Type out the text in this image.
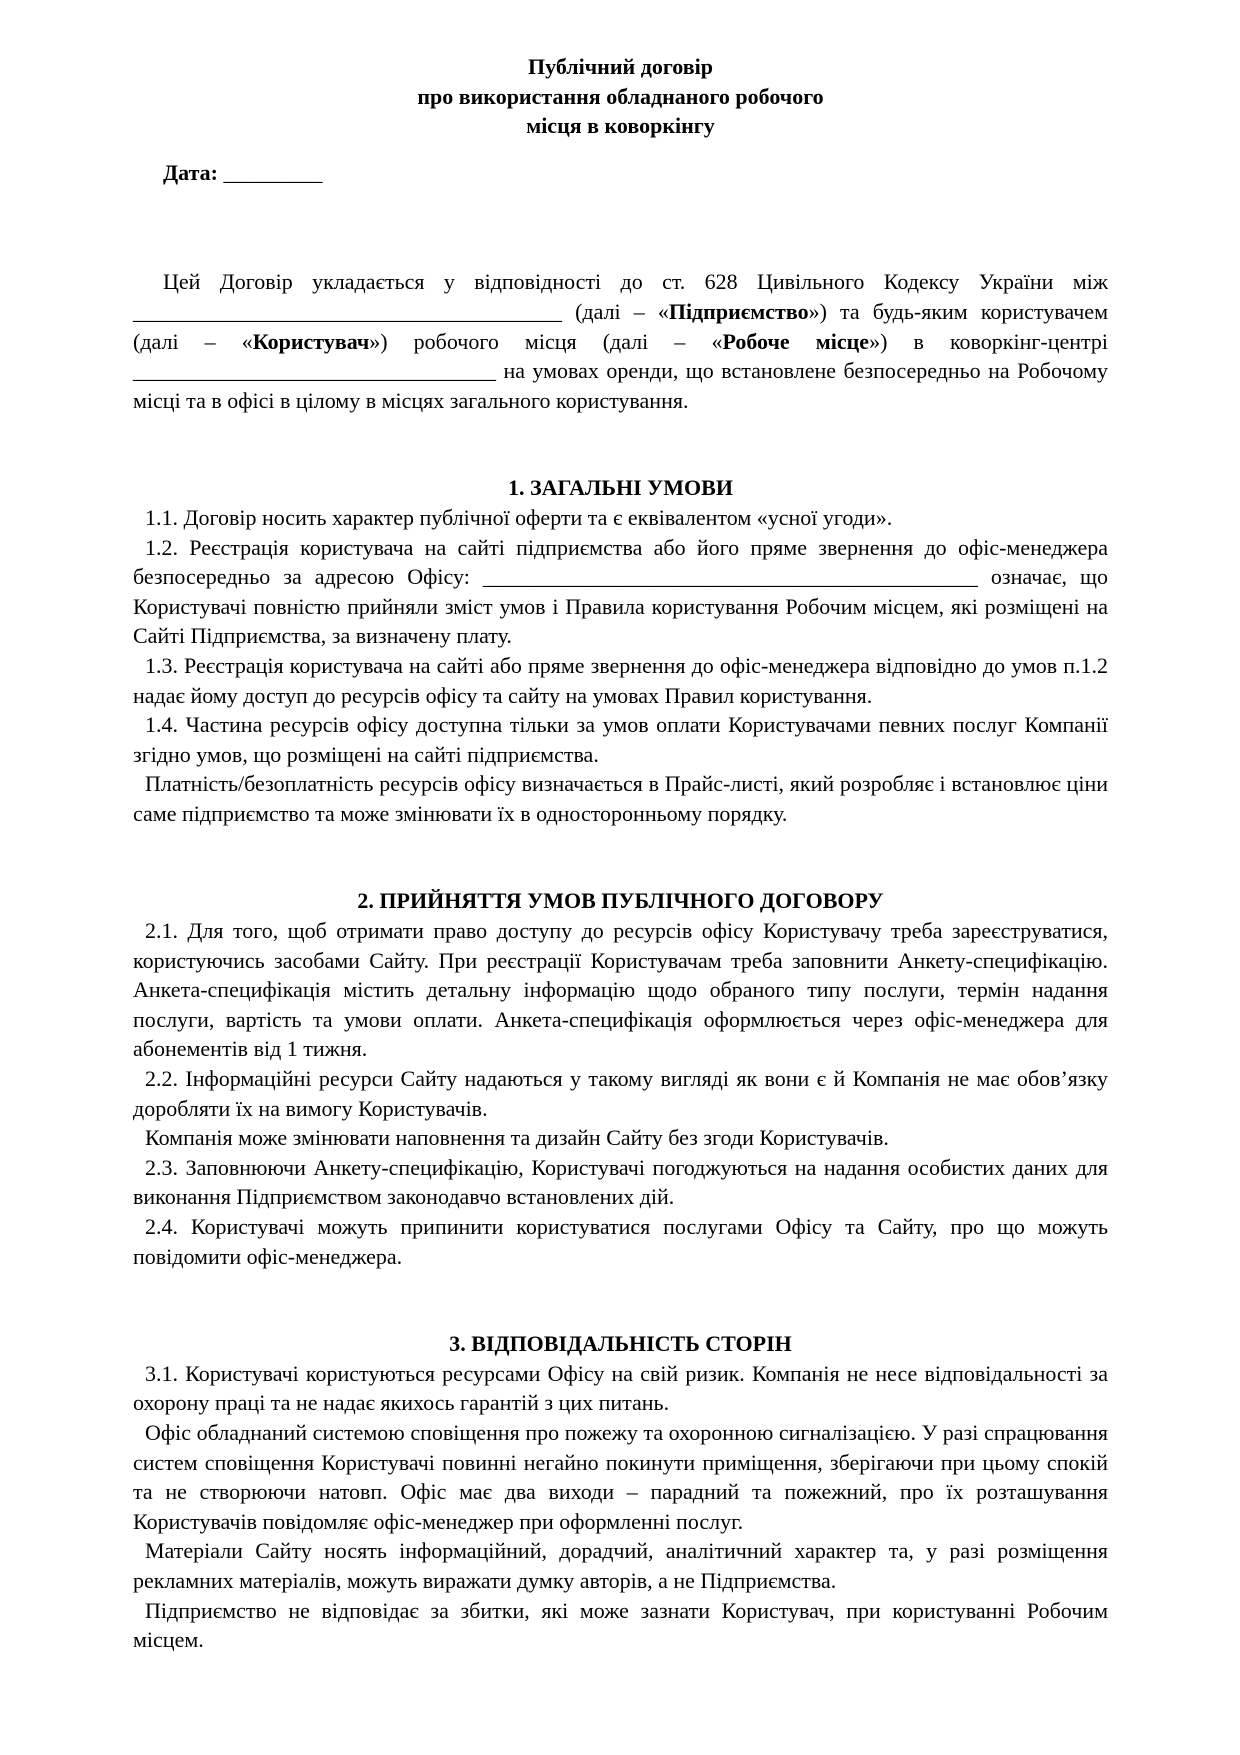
Публічний договір
про використання обладнаного робочого
місця в коворкінгу

Дата: _________

Цей Договір укладається у відповідності до ст. 628 Цивільного Кодексу України між _______________________________________ (далі – «Підприємство») та будь-яким користувачем (далі – «Користувач») робочого місця (далі – «Робоче місце») в коворкінг-центрі _________________________________ на умовах оренди, що встановлене безпосередньо на Робочому місці та в офісі в цілому в місцях загального користування.

1. ЗАГАЛЬНІ УМОВИ

1.1. Договір носить характер публічної оферти та є еквівалентом «усної угоди».

1.2. Реєстрація користувача на сайті підприємства або його пряме звернення до офіс-менеджера безпосередньо за адресою Офісу: _____________________________________________ означає, що Користувачі повністю прийняли зміст умов і Правила користування Робочим місцем, які розміщені на Сайті Підприємства, за визначену плату.

1.3. Реєстрація користувача на сайті або пряме звернення до офіс-менеджера відповідно до умов п.1.2 надає йому доступ до ресурсів офісу та сайту на умовах Правил користування.

1.4. Частина ресурсів офісу доступна тільки за умов оплати Користувачами певних послуг Компанії згідно умов, що розміщені на сайті підприємства.

Платність/безоплатність ресурсів офісу визначається в Прайс-листі, який розробляє і встановлює ціни саме підприємство та може змінювати їх в односторонньому порядку.

2. ПРИЙНЯТТЯ УМОВ ПУБЛІЧНОГО ДОГОВОРУ

2.1. Для того, щоб отримати право доступу до ресурсів офісу Користувачу треба зареєструватися, користуючись засобами Сайту. При реєстрації Користувачам треба заповнити Анкету-специфікацію. Анкета-специфікація містить детальну інформацію щодо обраного типу послуги, термін надання послуги, вартість та умови оплати. Анкета-специфікація оформлюється через офіс-менеджера для абонементів від 1 тижня.

2.2. Інформаційні ресурси Сайту надаються у такому вигляді як вони є й Компанія не має обов’язку доробляти їх на вимогу Користувачів.

Компанія може змінювати наповнення та дизайн Сайту без згоди Користувачів.

2.3. Заповнюючи Анкету-специфікацію, Користувачі погоджуються на надання особистих даних для виконання Підприємством законодавчо встановлених дій.

2.4. Користувачі можуть припинити користуватися послугами Офісу та Сайту, про що можуть повідомити офіс-менеджера.

3. ВІДПОВІДАЛЬНІСТЬ СТОРІН

3.1. Користувачі користуються ресурсами Офісу на свій ризик. Компанія не несе відповідальності за охорону праці та не надає якихось гарантій з цих питань.

Офіс обладнаний системою сповіщення про пожежу та охоронною сигналізацією. У разі спрацювання систем сповіщення Користувачі повинні негайно покинути приміщення, зберігаючи при цьому спокій та не створюючи натовп. Офіс має два виходи – парадний та пожежний, про їх розташування Користувачів повідомляє офіс-менеджер при оформленні послуг.

Матеріали Сайту носять інформаційний, дорадчий, аналітичний характер та, у разі розміщення рекламних матеріалів, можуть виражати думку авторів, а не Підприємства.

Підприємство не відповідає за збитки, які може зазнати Користувач, при користуванні Робочим місцем.
